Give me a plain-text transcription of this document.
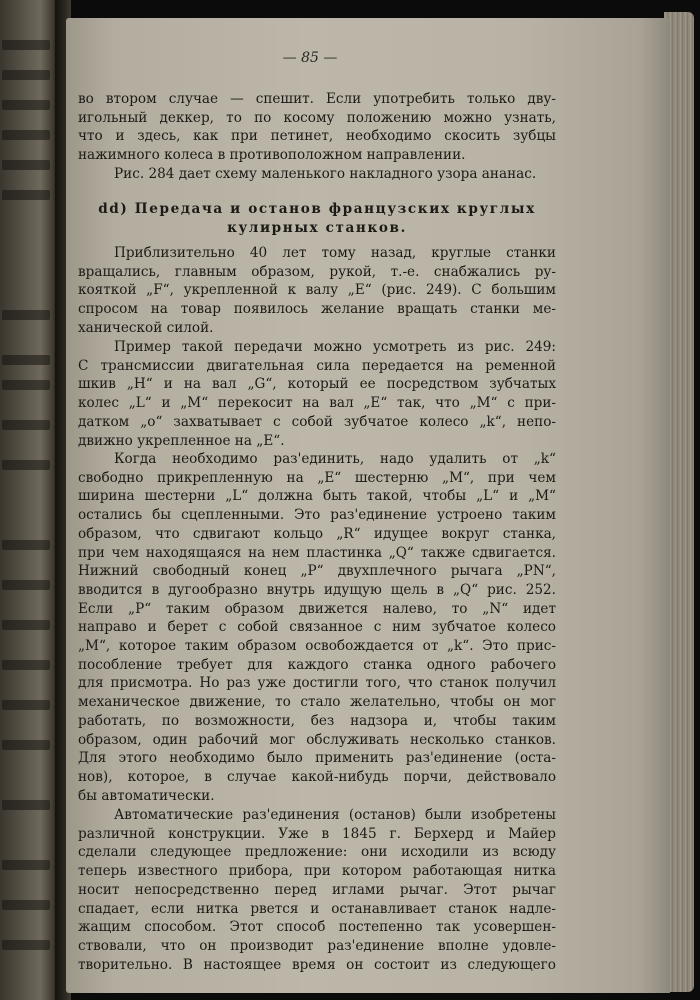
— 85 —
во втором случае — спешит. Если употребить только дву-
игольный деккер, то по косому положению можно узнать,
что и здесь, как при петинет, необходимо скосить зубцы
нажимного колеса в противоположном направлении.
Рис. 284 дает схему маленького накладного узора ананас.
dd) Передача и останов французских круглых
кулирных станков.
Приблизительно 40 лет тому назад, круглые станки
вращались, главным образом, рукой, т.-е. снабжались ру-
кояткой „F“, укрепленной к валу „E“ (рис. 249). С большим
спросом на товар появилось желание вращать станки ме-
ханической силой.
Пример такой передачи можно усмотреть из рис. 249:
С трансмиссии двигательная сила передается на ременной
шкив „H“ и на вал „G“, который ее посредством зубчатых
колес „L“ и „M“ перекосит на вал „E“ так, что „M“ с при-
датком „o“ захватывает с собой зубчатое колесо „k“, непо-
движно укрепленное на „E“.
Когда необходимо раз'единить, надо удалить от „k“
свободно прикрепленную на „E“ шестерню „M“, при чем
ширина шестерни „L“ должна быть такой, чтобы „L“ и „M“
остались бы сцепленными. Это раз'единение устроено таким
образом, что сдвигают кольцо „R“ идущее вокруг станка,
при чем находящаяся на нем пластинка „Q“ также сдвигается.
Нижний свободный конец „P“ двухплечного рычага „PN“,
вводится в дугообразно внутрь идущую щель в „Q“ рис. 252.
Если „P“ таким образом движется налево, то „N“ идет
направо и берет с собой связанное с ним зубчатое колесо
„M“, которое таким образом освобождается от „k“. Это прис-
пособление требует для каждого станка одного рабочего
для присмотра. Но раз уже достигли того, что станок получил
механическое движение, то стало желательно, чтобы он мог
работать, по возможности, без надзора и, чтобы таким
образом, один рабочий мог обслуживать несколько станков.
Для этого необходимо было применить раз'единение (оста-
нов), которое, в случае какой-нибудь порчи, действовало
бы автоматически.
Автоматические раз'единения (останов) были изобретены
различной конструкции. Уже в 1845 г. Берхерд и Майер
сделали следующее предложение: они исходили из всюду
теперь известного прибора, при котором работающая нитка
носит непосредственно перед иглами рычаг. Этот рычаг
спадает, если нитка рвется и останавливает станок надле-
жащим способом. Этот способ постепенно так усовершен-
ствовали, что он производит раз'единение вполне удовле-
творительно. В настоящее время он состоит из следующего
